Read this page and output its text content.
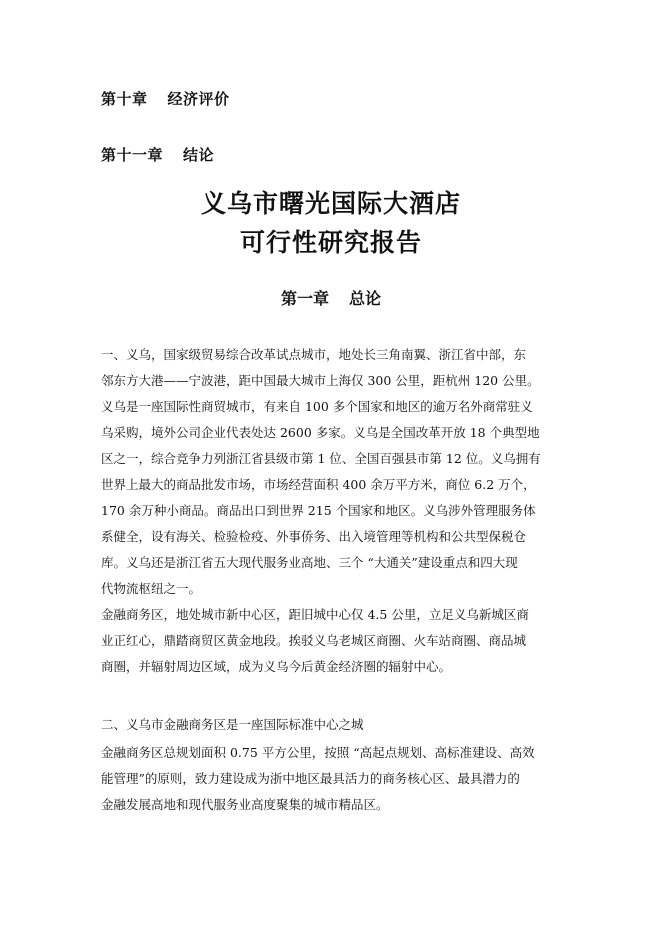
第十章 经济评价
第十一章 结论
义乌市曙光国际大酒店
可行性研究报告
第一章 总论
一、义乌，国家级贸易综合改革试点城市，地处长三角南翼、浙江省中部，东
邻东方大港——宁波港，距中国最大城市上海仅 300 公里，距杭州 120 公里。
义乌是一座国际性商贸城市，有来自 100 多个国家和地区的逾万名外商常驻义
乌采购，境外公司企业代表处达 2600 多家。义乌是全国改革开放 18 个典型地
区之一，综合竞争力列浙江省县级市第 1 位、全国百强县市第 12 位。义乌拥有
世界上最大的商品批发市场，市场经营面积 400 余万平方米，商位 6.2 万个，
170 余万种小商品。商品出口到世界 215 个国家和地区。义乌涉外管理服务体
系健全，设有海关、检验检疫、外事侨务、出入境管理等机构和公共型保税仓
库。义乌还是浙江省五大现代服务业高地、三个 “大通关”建设重点和四大现
代物流枢纽之一。
金融商务区，地处城市新中心区，距旧城中心仅 4.5 公里，立足义乌新城区商
业正红心，鼎踏商贸区黄金地段。挨驳义乌老城区商圈、火车站商圈、商品城
商圈，并辐射周边区域，成为义乌今后黄金经济圈的辐射中心。
二、义乌市金融商务区是一座国际标准中心之城
金融商务区总规划面积 0.75 平方公里，按照 “高起点规划、高标准建设、高效
能管理”的原则，致力建设成为浙中地区最具活力的商务核心区、最具潜力的
金融发展高地和现代服务业高度聚集的城市精品区。
